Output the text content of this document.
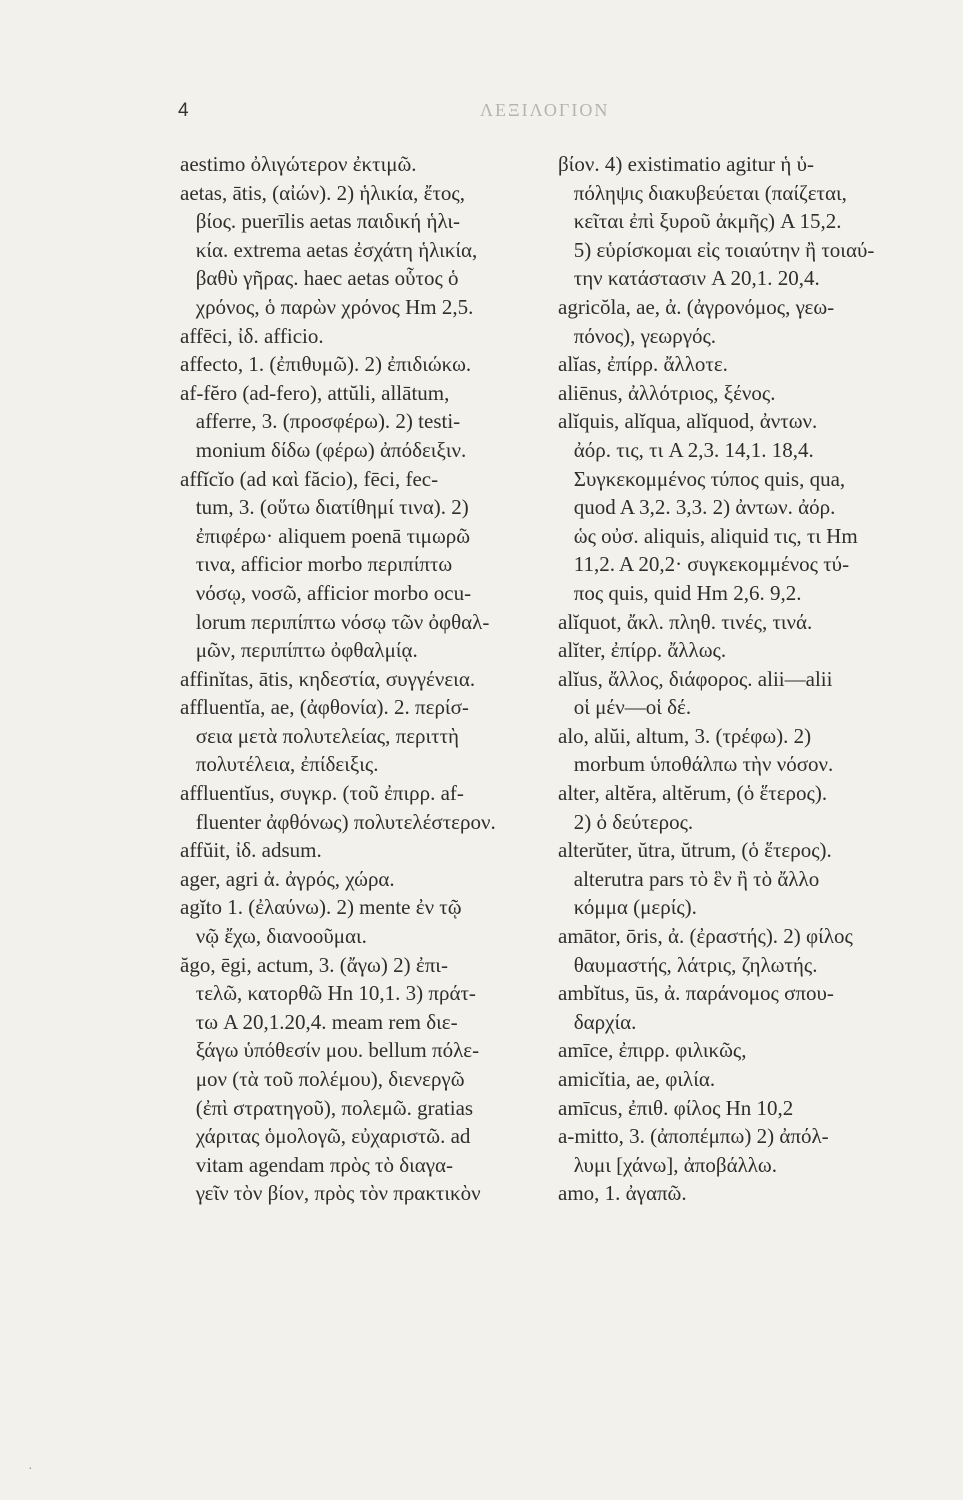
4	ΛΕΞΙΛΟΓΙΟΝ
aestimo ὀλιγώτερον ἐκτιμῶ.
aetas, ātis, (αἰών). 2) ἡλικία, ἔτος,
βίος. puerīlis aetas παιδική ἡλι-
κία. extrema aetas ἐσχάτη ἡλικία,
βαθὺ γῆρας. haec aetas οὗτος ὁ
χρόνος, ὁ παρὼν χρόνος Hm 2,5.
affēci, ἰδ. afficio.
affecto, 1. (ἐπιθυμῶ). 2) ἐπιδιώκω.
af-fĕro (ad-fero), attŭli, allātum,
afferre, 3. (προσφέρω). 2) testi-
monium δίδω (φέρω) ἀπόδειξιν.
affĭcĭo (ad καὶ făcio), fēci, fec-
tum, 3. (οὕτω διατίθημί τινα). 2)
ἐπιφέρω· aliquem poenā τιμωρῶ
τινα, afficior morbo περιπίπτω
νόσῳ, νοσῶ, afficior morbo ocu-
lorum περιπίπτω νόσῳ τῶν ὀφθαλ-
μῶν, περιπίπτω ὀφθαλμίᾳ.
affinĭtas, ātis, κηδεστία, συγγένεια.
affluentĭa, ae, (ἀφθονία). 2. περίσ-
σεια μετὰ πολυτελείας, περιττὴ
πολυτέλεια, ἐπίδειξις.
affluentĭus, συγκρ. (τοῦ ἐπιρρ. af-
fluenter ἀφθόνως) πολυτελέστερον.
affŭit, ἰδ. adsum.
ager, agri ἀ. ἀγρός, χώρα.
agĭto 1. (ἐλαύνω). 2) mente ἐν τῷ
νῷ ἔχω, διανοοῦμαι.
ăgo, ēgi, actum, 3. (ἄγω) 2) ἐπι-
τελῶ, κατορθῶ Hn 10,1. 3) πράτ-
τω A 20,1.20,4. meam rem διε-
ξάγω ὑπόθεσίν μου. bellum πόλε-
μον (τὰ τοῦ πολέμου), διενεργῶ
(ἐπὶ στρατηγοῦ), πολεμῶ. gratias
χάριτας ὁμολογῶ, εὐχαριστῶ. ad
vitam agendam πρὸς τὸ διαγα-
γεῖν τὸν βίον, πρὸς τὸν πρακτικὸν
βίον. 4) existimatio agitur ἡ ὑ-
πόληψις διακυβεύεται (παίζεται,
κεῖται ἐπὶ ξυροῦ ἀκμῆς) A 15,2.
5) εὑρίσκομαι εἰς τοιαύτην ἢ τοιαύ-
την κατάστασιν A 20,1. 20,4.
agricŏla, ae, ἀ. (ἀγρονόμος, γεω-
πόνος), γεωργός.
alĭas, ἐπίρρ. ἄλλοτε.
aliēnus, ἀλλότριος, ξένος.
alĭquis, alĭqua, alĭquod, ἀντων.
ἀόρ. τις, τι A 2,3. 14,1. 18,4.
Συγκεκομμένος τύπος quis, qua,
quod A 3,2. 3,3. 2) ἀντων. ἀόρ.
ὡς οὐσ. aliquis, aliquid τις, τι Hm
11,2. A 20,2· συγκεκομμένος τύ-
πος quis, quid Hm 2,6. 9,2.
alĭquot, ἄκλ. πληθ. τινές, τινά.
alĭter, ἐπίρρ. ἄλλως.
alĭus, ἄλλος, διάφορος. alii—alii
οἱ μέν—οἱ δέ.
alo, alŭi, altum, 3. (τρέφω). 2)
morbum ὑποθάλπω τὴν νόσον.
alter, altĕra, altĕrum, (ὁ ἕτερος).
2) ὁ δεύτερος.
alterŭter, ŭtra, ŭtrum, (ὁ ἕτερος).
alterutra pars τὸ ἓν ἢ τὸ ἄλλο
κόμμα (μερίς).
amātor, ōris, ἀ. (ἐραστής). 2) φίλος
θαυμαστής, λάτρις, ζηλωτής.
ambĭtus, ūs, ἀ. παράνομος σπου-
δαρχία.
amīce, ἐπιρρ. φιλικῶς,
amicĭtia, ae, φιλία.
amīcus, ἐπιθ. φίλος Hn 10,2
a-mitto, 3. (ἀποπέμπω) 2) ἀπόλ-
λυμι [χάνω], ἀποβάλλω.
amo, 1. ἀγαπῶ.
·
